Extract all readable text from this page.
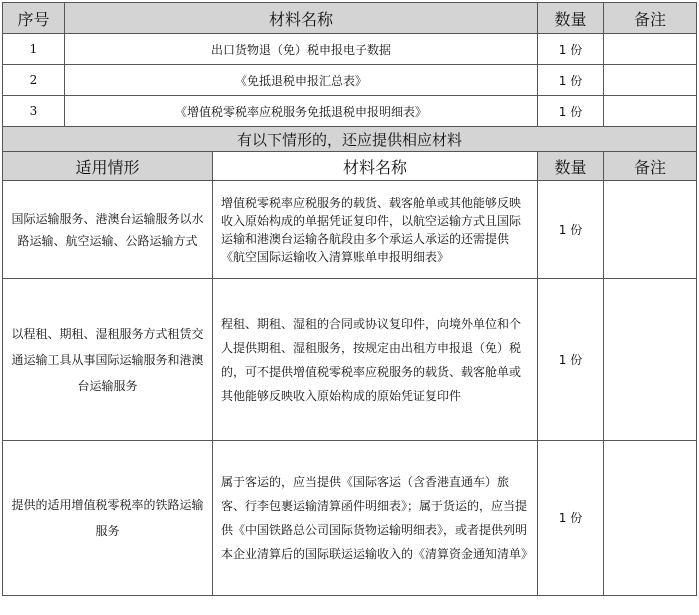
序号	材料名称		数量	备注
1	出口货物退（免）税申报电子数据		1 份	
2	《免抵退税申报汇总表》		1 份	
3	《增值税零税率应税服务免抵退税申报明细表》		1 份	
有以下情形的，还应提供相应材料				
适用情形		材料名称	数量	备注
国际运输服务、港澳台运输服务以水路运输、航空运输、公路运输方式		增值税零税率应税服务的载货、载客舱单或其他能够反映收入原始构成的单据凭证复印件，以航空运输方式且国际运输和港澳台运输各航段由多个承运人承运的还需提供《航空国际运输收入清算账单申报明细表》	1 份	
以程租、期租、湿租服务方式租赁交通运输工具从事国际运输服务和港澳台运输服务		程租、期租、湿租的合同或协议复印件，向境外单位和个人提供期租、湿租服务，按规定由出租方申报退（免）税的，可不提供增值税零税率应税服务的载货、载客舱单或其他能够反映收入原始构成的原始凭证复印件	1 份	
提供的适用增值税零税率的铁路运输服务		属于客运的，应当提供《国际客运（含香港直通车）旅客、行李包裹运输清算函件明细表》；属于货运的，应当提供《中国铁路总公司国际货物运输明细表》，或者提供列明本企业清算后的国际联运运输收入的《清算资金通知清单》	1 份	
